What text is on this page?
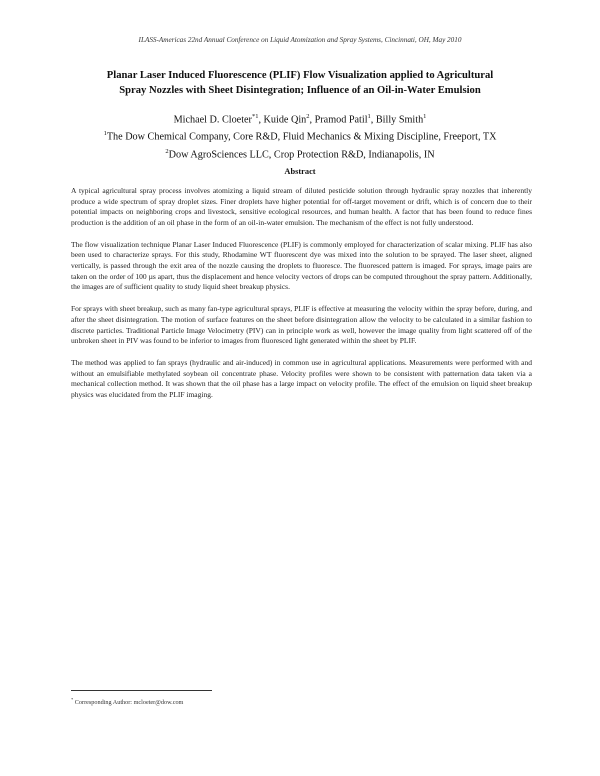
ILASS-Americas 22nd Annual Conference on Liquid Atomization and Spray Systems, Cincinnati, OH, May 2010
Planar Laser Induced Fluorescence (PLIF) Flow Visualization applied to Agricultural
Spray Nozzles with Sheet Disintegration; Influence of an Oil-in-Water Emulsion
Michael D. Cloeter$^{*1}$, Kuide Qin$^2$, Pramod Patil$^1$, Billy Smith$^1$
$^1$The Dow Chemical Company, Core R&D, Fluid Mechanics & Mixing Discipline, Freeport, TX
$^2$Dow AgroSciences LLC, Crop Protection R&D, Indianapolis, IN
Abstract

A typical agricultural spray process involves atomizing a liquid stream of diluted pesticide solution through hydraulic spray nozzles that inherently produce a wide spectrum of spray droplet sizes. Finer droplets have higher potential for off-target movement or drift, which is of concern due to their potential impacts on neighboring crops and livestock, sensitive ecological resources, and human health. A factor that has been found to reduce fines production is the addition of an oil phase in the form of an oil-in-water emulsion. The mechanism of the effect is not fully understood.

The flow visualization technique Planar Laser Induced Fluorescence (PLIF) is commonly employed for characterization of scalar mixing. PLIF has also been used to characterize sprays. For this study, Rhodamine WT fluorescent dye was mixed into the solution to be sprayed. The laser sheet, aligned vertically, is passed through the exit area of the nozzle causing the droplets to fluoresce. The fluoresced pattern is imaged. For sprays, image pairs are taken on the order of 100 µs apart, thus the displacement and hence velocity vectors of drops can be computed throughout the spray pattern. Additionally, the images are of sufficient quality to study liquid sheet breakup physics.

For sprays with sheet breakup, such as many fan-type agricultural sprays, PLIF is effective at measuring the velocity within the spray before, during, and after the sheet disintegration. The motion of surface features on the sheet before disintegration allow the velocity to be calculated in a similar fashion to discrete particles. Traditional Particle Image Velocimetry (PIV) can in principle work as well, however the image quality from light scattered off of the unbroken sheet in PIV was found to be inferior to images from fluoresced light generated within the sheet by PLIF.

The method was applied to fan sprays (hydraulic and air-induced) in common use in agricultural applications. Measurements were performed with and without an emulsifiable methylated soybean oil concentrate phase. Velocity profiles were shown to be consistent with patternation data taken via a mechanical collection method. It was shown that the oil phase has a large impact on velocity profile. The effect of the emulsion on liquid sheet breakup physics was elucidated from the PLIF imaging.

* Corresponding Author: mcloeter@dow.com
